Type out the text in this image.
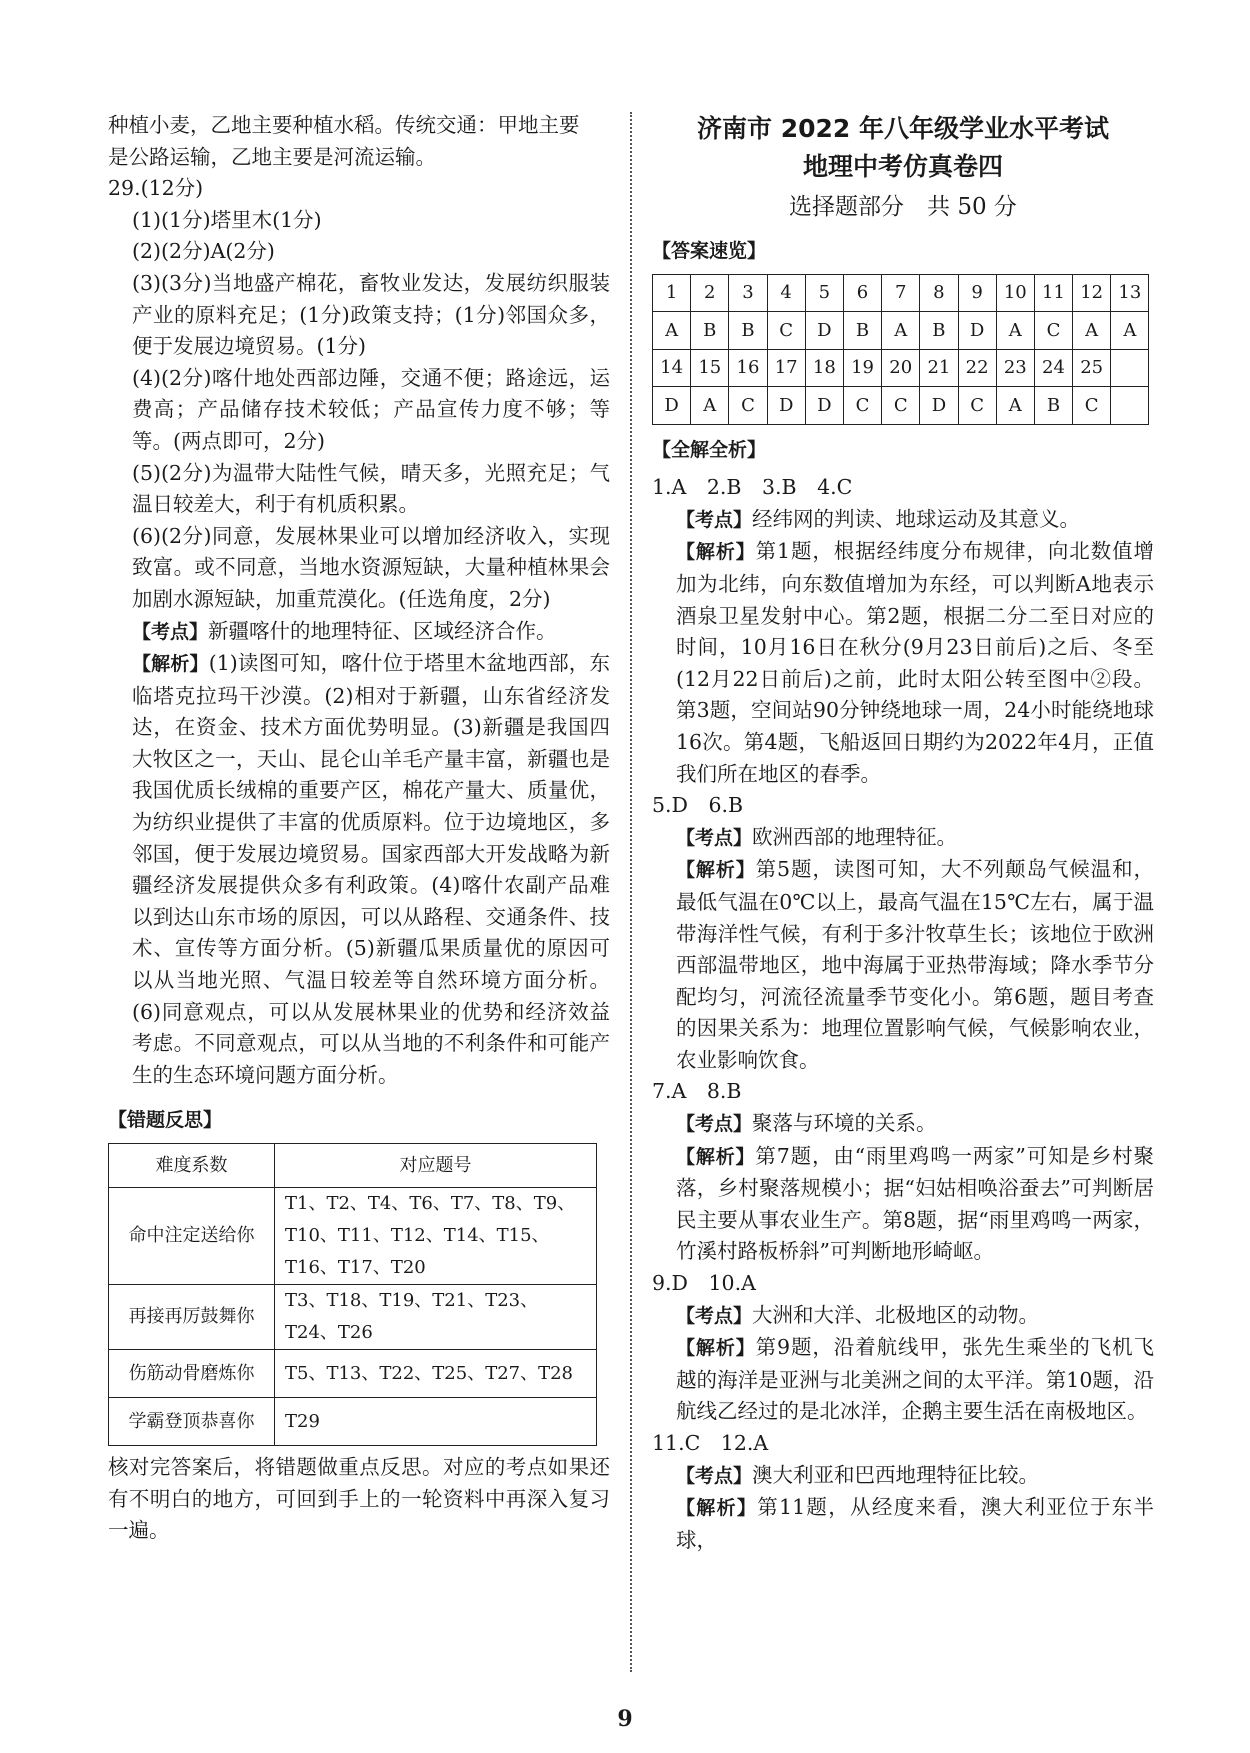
种植小麦，乙地主要种植水稻。传统交通：甲地主要

是公路运输，乙地主要是河流运输。

29.(12分)

(1)(1分)塔里木(1分)

(2)(2分)A(2分)

(3)(3分)当地盛产棉花，畜牧业发达，发展纺织服装产业的原料充足；(1分)政策支持；(1分)邻国众多，便于发展边境贸易。(1分)

(4)(2分)喀什地处西部边陲，交通不便；路途远，运费高；产品储存技术较低；产品宣传力度不够；等等。(两点即可，2分)

(5)(2分)为温带大陆性气候，晴天多，光照充足；气温日较差大，利于有机质积累。

(6)(2分)同意，发展林果业可以增加经济收入，实现致富。或不同意，当地水资源短缺，大量种植林果会加剧水源短缺，加重荒漠化。(任选角度，2分)

【考点】新疆喀什的地理特征、区域经济合作。

【解析】(1)读图可知，喀什位于塔里木盆地西部，东临塔克拉玛干沙漠。(2)相对于新疆，山东省经济发达，在资金、技术方面优势明显。(3)新疆是我国四大牧区之一，天山、昆仑山羊毛产量丰富，新疆也是我国优质长绒棉的重要产区，棉花产量大、质量优，为纺织业提供了丰富的优质原料。位于边境地区，多邻国，便于发展边境贸易。国家西部大开发战略为新疆经济发展提供众多有利政策。(4)喀什农副产品难以到达山东市场的原因，可以从路程、交通条件、技术、宣传等方面分析。(5)新疆瓜果质量优的原因可以从当地光照、气温日较差等自然环境方面分析。(6)同意观点，可以从发展林果业的优势和经济效益考虑。不同意观点，可以从当地的不利条件和可能产生的生态环境问题方面分析。

【错题反思】
难度系数	对应题号
命中注定送给你	T1、T2、T4、T6、T7、T8、T9、T10、T11、T12、T14、T15、T16、T17、T20
再接再厉鼓舞你	T3、T18、T19、T21、T23、T24、T26
伤筋动骨磨炼你	T5、T13、T22、T25、T27、T28
学霸登顶恭喜你	T29

核对完答案后，将错题做重点反思。对应的考点如果还有不明白的地方，可回到手上的一轮资料中再深入复习一遍。

济南市 2022 年八年级学业水平考试
地理中考仿真卷四
选择题部分　共 50 分
【答案速览】
1	2	3	4	5	6	7	8	9	10	11	12	13
A	B	B	C	D	B	A	B	D	A	C	A	A
14	15	16	17	18	19	20	21	22	23	24	25	
D	A	C	D	D	C	C	D	C	A	B	C	
【全解全析】

1.A　2.B　3.B　4.C

【考点】经纬网的判读、地球运动及其意义。

【解析】第1题，根据经纬度分布规律，向北数值增加为北纬，向东数值增加为东经，可以判断A地表示酒泉卫星发射中心。第2题，根据二分二至日对应的时间，10月16日在秋分(9月23日前后)之后、冬至(12月22日前后)之前，此时太阳公转至图中②段。第3题，空间站90分钟绕地球一周，24小时能绕地球16次。第4题，飞船返回日期约为2022年4月，正值我们所在地区的春季。

5.D　6.B

【考点】欧洲西部的地理特征。

【解析】第5题，读图可知，大不列颠岛气候温和，最低气温在0℃以上，最高气温在15℃左右，属于温带海洋性气候，有利于多汁牧草生长；该地位于欧洲西部温带地区，地中海属于亚热带海域；降水季节分配均匀，河流径流量季节变化小。第6题，题目考查的因果关系为：地理位置影响气候，气候影响农业，农业影响饮食。

7.A　8.B

【考点】聚落与环境的关系。

【解析】第7题，由“雨里鸡鸣一两家”可知是乡村聚落，乡村聚落规模小；据“妇姑相唤浴蚕去”可判断居民主要从事农业生产。第8题，据“雨里鸡鸣一两家，竹溪村路板桥斜”可判断地形崎岖。

9.D　10.A

【考点】大洲和大洋、北极地区的动物。

【解析】第9题，沿着航线甲，张先生乘坐的飞机飞越的海洋是亚洲与北美洲之间的太平洋。第10题，沿航线乙经过的是北冰洋，企鹅主要生活在南极地区。

11.C　12.A

【考点】澳大利亚和巴西地理特征比较。

【解析】第11题，从经度来看，澳大利亚位于东半球，

9
